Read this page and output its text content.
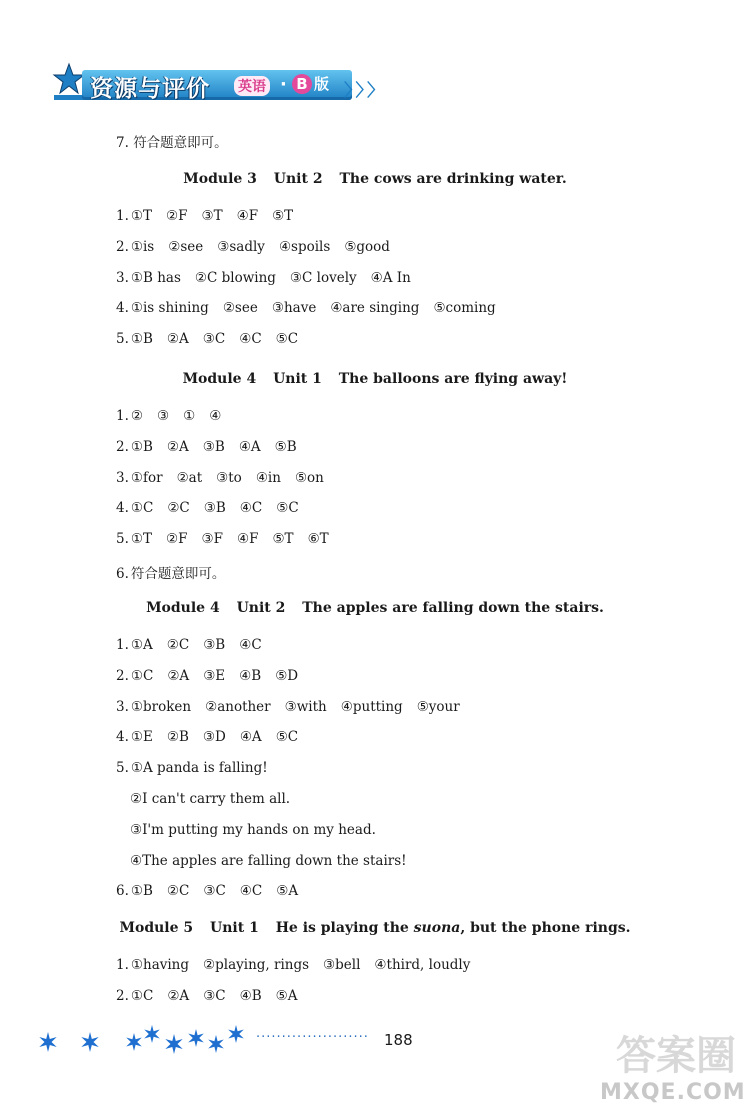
资源与评价 英语 · B 版 〉〉〉
7. 符合题意即可。
Module 3 Unit 2 The cows are drinking water.
1. ①T ②F ③T ④F ⑤T
2. ①is ②see ③sadly ④spoils ⑤good
3. ①B has ②C blowing ③C lovely ④A In
4. ①is shining ②see ③have ④are singing ⑤coming
5. ①B ②A ③C ④C ⑤C
Module 4 Unit 1 The balloons are flying away!
1. ② ③ ① ④
2. ①B ②A ③B ④A ⑤B
3. ①for ②at ③to ④in ⑤on
4. ①C ②C ③B ④C ⑤C
5. ①T ②F ③F ④F ⑤T ⑥T
6. 符合题意即可。
Module 4 Unit 2 The apples are falling down the stairs.
1. ①A ②C ③B ④C
2. ①C ②A ③E ④B ⑤D
3. ①broken ②another ③with ④putting ⑤your
4. ①E ②B ③D ④A ⑤C
5. ①A panda is falling!
②I can't carry them all.
③I'm putting my hands on my head.
④The apples are falling down the stairs!
6. ①B ②C ③C ④C ⑤A
Module 5 Unit 1 He is playing the suona, but the phone rings.
1. ①having ②playing, rings ③bell ④third, loudly
2. ①C ②A ③C ④B ⑤A
······················ 188	答案圈
MXQE.COM
